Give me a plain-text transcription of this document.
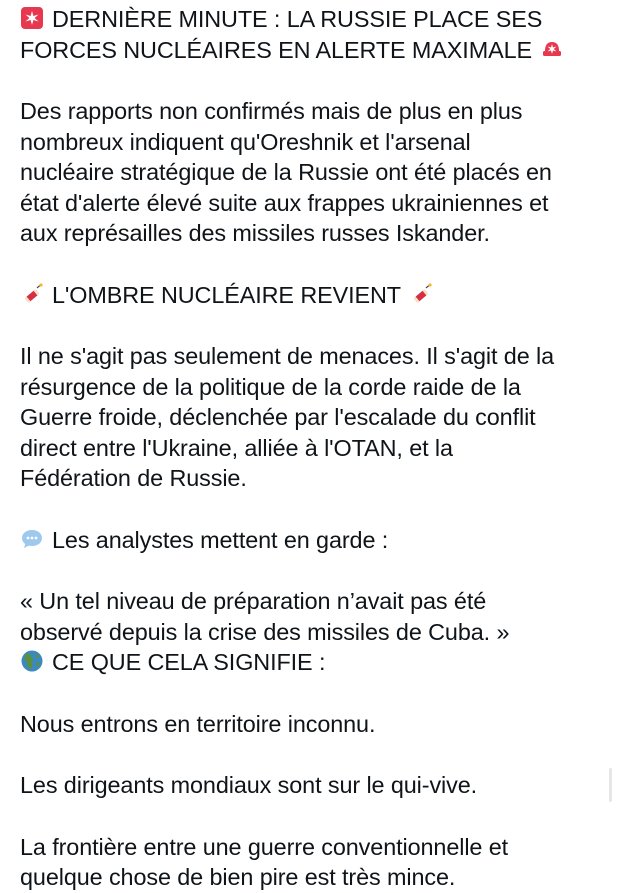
DERNIÈRE MINUTE : LA RUSSIE PLACE SES
FORCES NUCLÉAIRES EN ALERTE MAXIMALE

Des rapports non confirmés mais de plus en plus
nombreux indiquent qu'Oreshnik et l'arsenal
nucléaire stratégique de la Russie ont été placés en
état d'alerte élevé suite aux frappes ukrainiennes et
aux représailles des missiles russes Iskander.

L'OMBRE NUCLÉAIRE REVIENT

Il ne s'agit pas seulement de menaces. Il s'agit de la
résurgence de la politique de la corde raide de la
Guerre froide, déclenchée par l'escalade du conflit
direct entre l'Ukraine, alliée à l'OTAN, et la
Fédération de Russie.

Les analystes mettent en garde :

« Un tel niveau de préparation n’avait pas été
observé depuis la crise des missiles de Cuba. »
CE QUE CELA SIGNIFIE :

Nous entrons en territoire inconnu.

Les dirigeants mondiaux sont sur le qui-vive.

La frontière entre une guerre conventionnelle et
quelque chose de bien pire est très mince.
